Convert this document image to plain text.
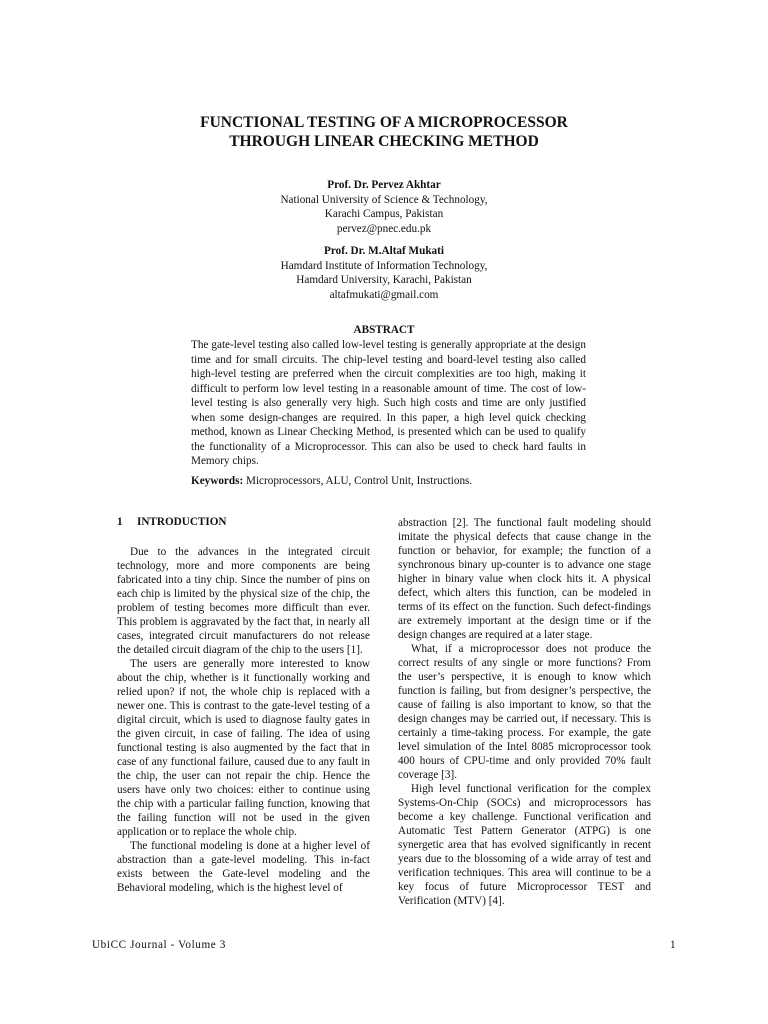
FUNCTIONAL TESTING OF A MICROPROCESSOR
THROUGH LINEAR CHECKING METHOD
Prof. Dr. Pervez Akhtar
National University of Science & Technology,
Karachi Campus, Pakistan
pervez@pnec.edu.pk
Prof. Dr. M.Altaf Mukati
Hamdard Institute of Information Technology,
Hamdard University, Karachi, Pakistan
altafmukati@gmail.com
ABSTRACT

The gate-level testing also called low-level testing is generally appropriate at the design time and for small circuits. The chip-level testing and board-level testing also called high-level testing are preferred when the circuit complexities are too high, making it difficult to perform low level testing in a reasonable amount of time. The cost of low-level testing is also generally very high. Such high costs and time are only justified when some design-changes are required. In this paper, a high level quick checking method, known as Linear Checking Method, is presented which can be used to qualify the functionality of a Microprocessor. This can also be used to check hard faults in Memory chips.

Keywords: Microprocessors, ALU, Control Unit, Instructions.

1 INTRODUCTION

Due to the advances in the integrated circuit technology, more and more components are being fabricated into a tiny chip. Since the number of pins on each chip is limited by the physical size of the chip, the problem of testing becomes more difficult than ever. This problem is aggravated by the fact that, in nearly all cases, integrated circuit manufacturers do not release the detailed circuit diagram of the chip to the users [1].

The users are generally more interested to know about the chip, whether is it functionally working and relied upon? if not, the whole chip is replaced with a newer one. This is contrast to the gate-level testing of a digital circuit, which is used to diagnose faulty gates in the given circuit, in case of failing. The idea of using functional testing is also augmented by the fact that in case of any functional failure, caused due to any fault in the chip, the user can not repair the chip. Hence the users have only two choices: either to continue using the chip with a particular failing function, knowing that the failing function will not be used in the given application or to replace the whole chip.

The functional modeling is done at a higher level of abstraction than a gate-level modeling. This in-fact exists between the Gate-level modeling and the Behavioral modeling, which is the highest level of

abstraction [2]. The functional fault modeling should imitate the physical defects that cause change in the function or behavior, for example; the function of a synchronous binary up-counter is to advance one stage higher in binary value when clock hits it. A physical defect, which alters this function, can be modeled in terms of its effect on the function. Such defect-findings are extremely important at the design time or if the design changes are required at a later stage.

What, if a microprocessor does not produce the correct results of any single or more functions? From the user’s perspective, it is enough to know which function is failing, but from designer’s perspective, the cause of failing is also important to know, so that the design changes may be carried out, if necessary. This is certainly a time-taking process. For example, the gate level simulation of the Intel 8085 microprocessor took 400 hours of CPU-time and only provided 70% fault coverage [3].

High level functional verification for the complex Systems-On-Chip (SOCs) and microprocessors has become a key challenge. Functional verification and Automatic Test Pattern Generator (ATPG) is one synergetic area that has evolved significantly in recent years due to the blossoming of a wide array of test and verification techniques. This area will continue to be a key focus of future Microprocessor TEST and Verification (MTV) [4].

UbiCC Journal - Volume 3	1
